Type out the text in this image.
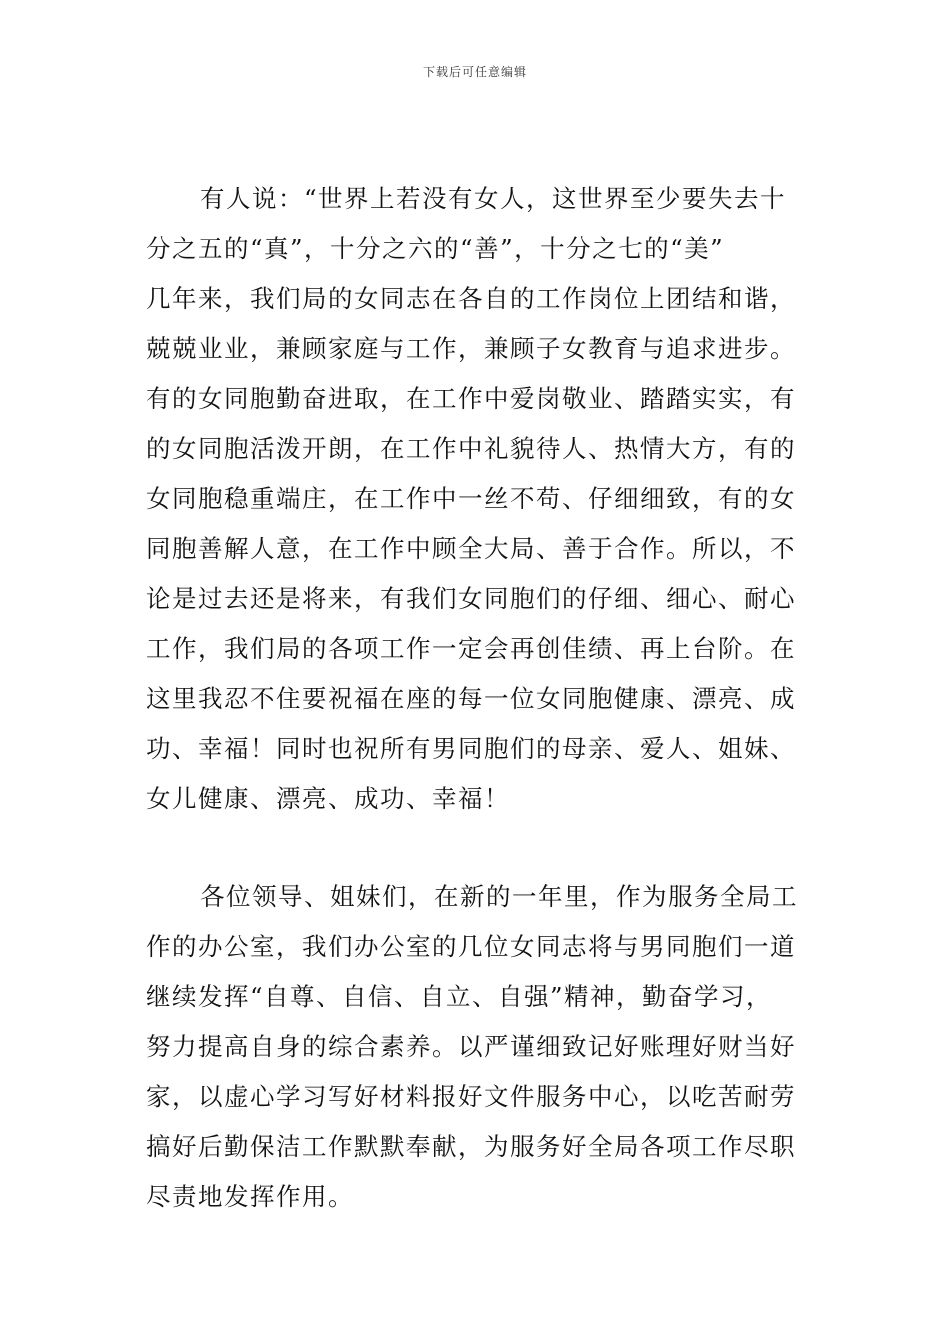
下载后可任意编辑
有人说：“世界上若没有女人，这世界至少要失去十
分之五的“真”，十分之六的“善”，十分之七的“美”
几年来，我们局的女同志在各自的工作岗位上团结和谐，
兢兢业业，兼顾家庭与工作，兼顾子女教育与追求进步。
有的女同胞勤奋进取，在工作中爱岗敬业、踏踏实实，有
的女同胞活泼开朗，在工作中礼貌待人、热情大方，有的
女同胞稳重端庄，在工作中一丝不苟、仔细细致，有的女
同胞善解人意，在工作中顾全大局、善于合作。所以，不
论是过去还是将来，有我们女同胞们的仔细、细心、耐心
工作，我们局的各项工作一定会再创佳绩、再上台阶。在
这里我忍不住要祝福在座的每一位女同胞健康、漂亮、成
功、幸福！同时也祝所有男同胞们的母亲、爱人、姐妹、
女儿健康、漂亮、成功、幸福！
各位领导、姐妹们，在新的一年里，作为服务全局工
作的办公室，我们办公室的几位女同志将与男同胞们一道
继续发挥“自尊、自信、自立、自强”精神，勤奋学习，
努力提高自身的综合素养。以严谨细致记好账理好财当好
家，以虚心学习写好材料报好文件服务中心，以吃苦耐劳
搞好后勤保洁工作默默奉献，为服务好全局各项工作尽职
尽责地发挥作用。
